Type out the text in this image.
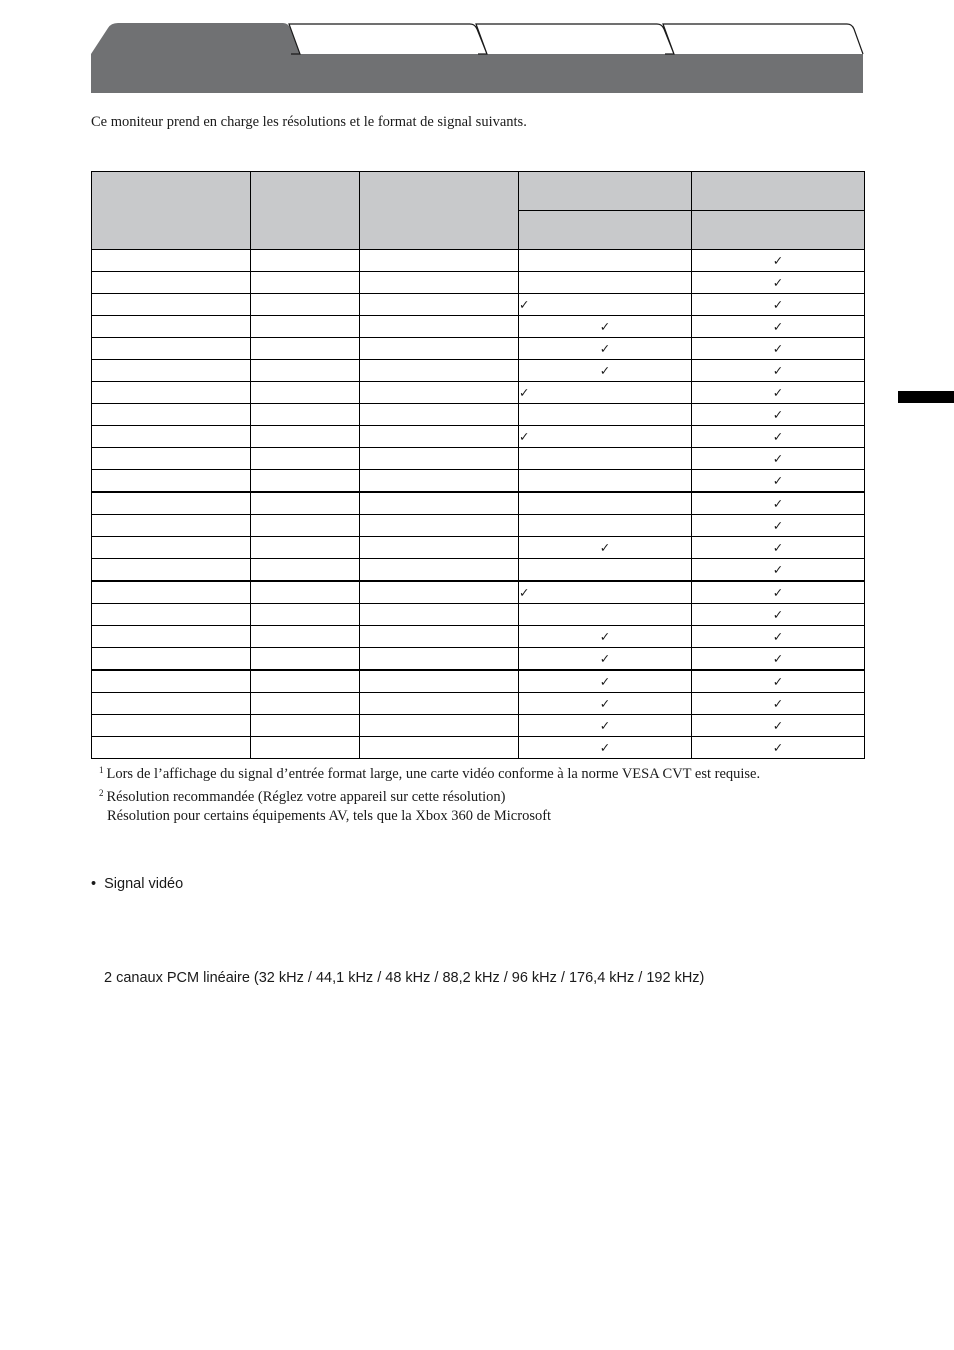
Ce moniteur prend en charge les résolutions et le format de signal suivants.

				✓
				✓
			✓	✓
			✓	✓
			✓	✓
			✓	✓
			✓	✓
				✓
			✓	✓
				✓
				✓
				✓
				✓
			✓	✓
				✓
			✓	✓
				✓
			✓	✓
			✓	✓
			✓	✓
			✓	✓
			✓	✓
			✓	✓

$^1$ Lors de l’affichage du signal d’entrée format large, une carte vidéo conforme à la norme VESA CVT est requise.

$^2$ Résolution recommandée (Réglez votre appareil sur cette résolution)

Résolution pour certains équipements AV, tels que la Xbox 360 de Microsoft

• Signal vidéo
2 canaux PCM linéaire (32 kHz / 44,1 kHz / 48 kHz / 88,2 kHz / 96 kHz / 176,4 kHz / 192 kHz)
